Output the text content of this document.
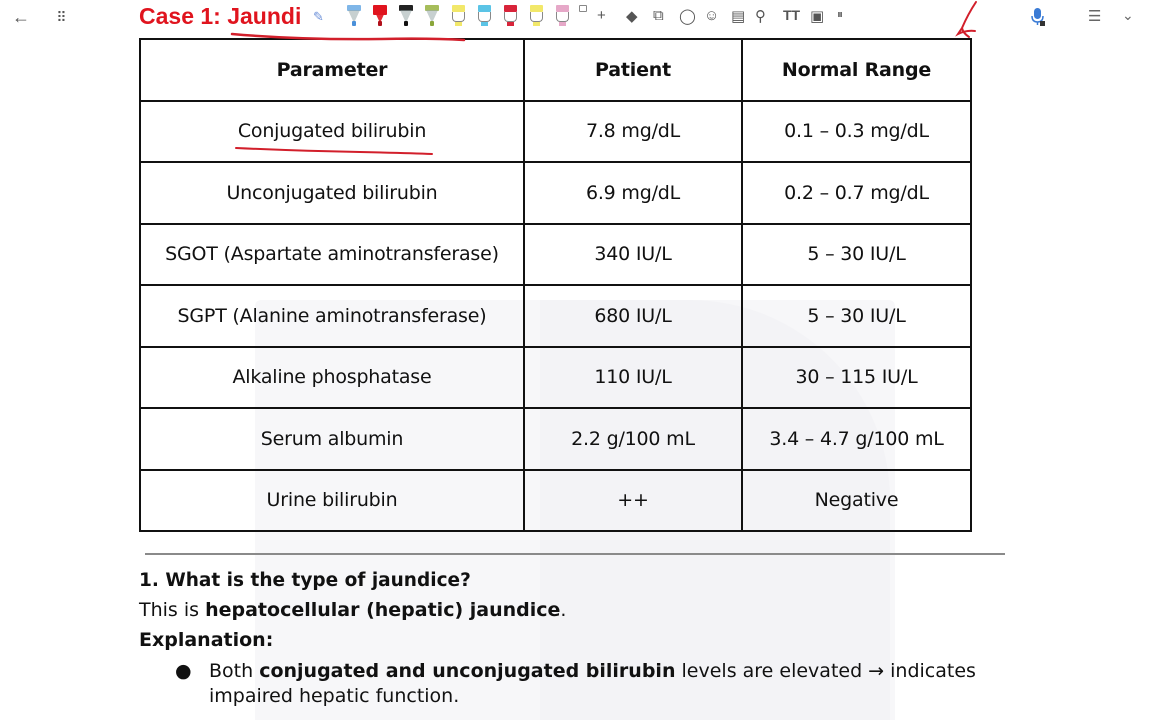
←	⠿	Case 1: Jaundi ✎	+ ◆ ⧉ ◯ ☺ ▤ ⚲ TT ▣ ⏸	☰ ⌄
Parameter	Patient	Normal Range
Conjugated bilirubin	7.8 mg/dL	0.1 – 0.3 mg/dL
Unconjugated bilirubin	6.9 mg/dL	0.2 – 0.7 mg/dL
SGOT (Aspartate aminotransferase)	340 IU/L	5 – 30 IU/L
SGPT (Alanine aminotransferase)	680 IU/L	5 – 30 IU/L
Alkaline phosphatase	110 IU/L	30 – 115 IU/L
Serum albumin	2.2 g/100 mL	3.4 – 4.7 g/100 mL
Urine bilirubin	++	Negative
1. What is the type of jaundice?
This is hepatocellular (hepatic) jaundice.
Explanation:
● Both conjugated and unconjugated bilirubin levels are elevated → indicates impaired hepatic function.
